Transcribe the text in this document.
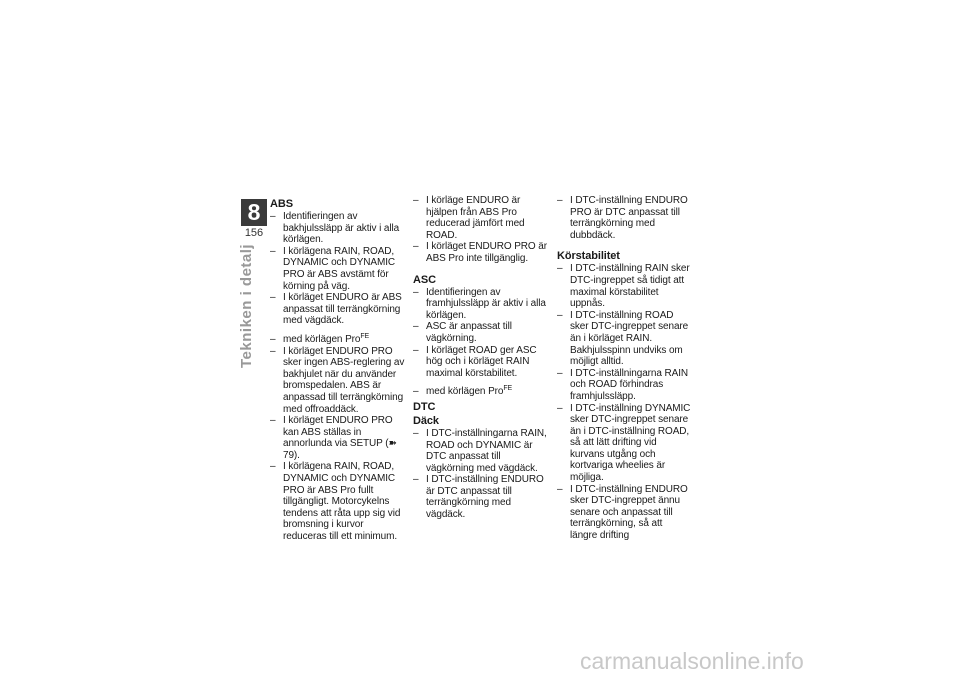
8
156
Tekniken i detalj
ABS
– Identifieringen av bakhjulssläpp är aktiv i alla körlägen.
– I körlägena RAIN, ROAD, DYNAMIC och DYNAMIC PRO är ABS avstämt för körning på väg.
– I körläget ENDURO är ABS anpassat till terrängkörning med vägdäck.
– med körlägen Pro$^{FE}$
– I körläget ENDURO PRO sker ingen ABS-reglering av bakhjulet när du använder bromspedalen. ABS är anpassad till terrängkörning med offroaddäck.
– I körläget ENDURO PRO kan ABS ställas in annorlunda via SETUP (➽ 79).
– I körlägena RAIN, ROAD, DYNAMIC och DYNAMIC PRO är ABS Pro fullt tillgängligt. Motorcykelns tendens att råta upp sig vid bromsning i kurvor reduceras till ett minimum.
– I körläge ENDURO är hjälpen från ABS Pro reducerad jämfört med ROAD.
– I körläget ENDURO PRO är ABS Pro inte tillgänglig.
ASC
– Identifieringen av framhjulssläpp är aktiv i alla körlägen.
– ASC är anpassat till vägkörning.
– I körläget ROAD ger ASC hög och i körläget RAIN maximal körstabilitet.
– med körlägen Pro$^{FE}$
DTC
Däck
– I DTC-inställningarna RAIN, ROAD och DYNAMIC är DTC anpassat till vägkörning med vägdäck.
– I DTC-inställning ENDURO är DTC anpassat till terrängkörning med vägdäck.
– I DTC-inställning ENDURO PRO är DTC anpassat till terrängkörning med dubbdäck.
Körstabilitet
– I DTC-inställning RAIN sker DTC-ingreppet så tidigt att maximal körstabilitet uppnås.
– I DTC-inställning ROAD sker DTC-ingreppet senare än i körläget RAIN. Bakhjulsspinn undviks om möjligt alltid.
– I DTC-inställningarna RAIN och ROAD förhindras framhjulssläpp.
– I DTC-inställning DYNAMIC sker DTC-ingreppet senare än i DTC-inställning ROAD, så att lätt drifting vid kurvans utgång och kortvariga wheelies är möjliga.
– I DTC-inställning ENDURO sker DTC-ingreppet ännu senare och anpassat till terrängkörning, så att längre drifting
carmanualsonline.info
